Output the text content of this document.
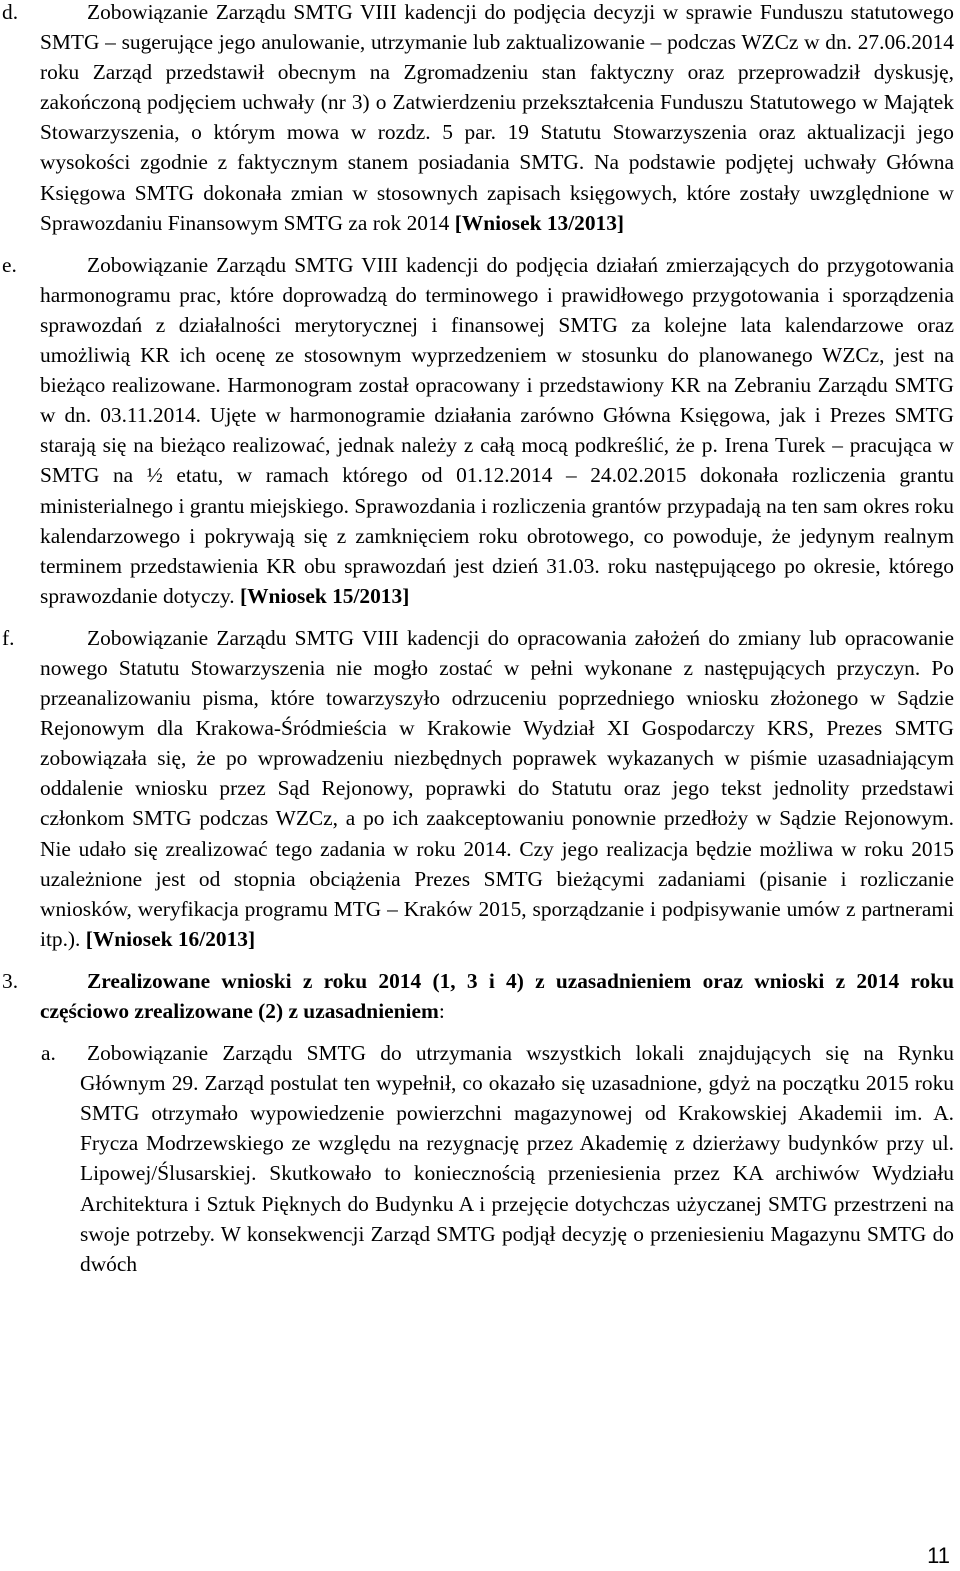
d.	Zobowiązanie Zarządu SMTG VIII kadencji do podjęcia decyzji w sprawie Funduszu statutowego SMTG – sugerujące jego anulowanie, utrzymanie lub zaktualizowanie – podczas WZCz w dn. 27.06.2014 roku Zarząd przedstawił obecnym na Zgromadzeniu stan faktyczny oraz przeprowadził dyskusję, zakończoną podjęciem uchwały (nr 3) o Zatwierdzeniu przekształcenia Funduszu Statutowego w Majątek Stowarzyszenia, o którym mowa w rozdz. 5 par. 19 Statutu Stowarzyszenia oraz aktualizacji jego wysokości zgodnie z faktycznym stanem posiadania SMTG. Na podstawie podjętej uchwały Główna Księgowa SMTG dokonała zmian w stosownych zapisach księgowych, które zostały uwzględnione w Sprawozdaniu Finansowym SMTG za rok 2014 [Wniosek 13/2013]
e.	Zobowiązanie Zarządu SMTG VIII kadencji do podjęcia działań zmierzających do przygotowania harmonogramu prac, które doprowadzą do terminowego i prawidłowego przygotowania i sporządzenia sprawozdań z działalności merytorycznej i finansowej SMTG za kolejne lata kalendarzowe oraz umożliwią KR ich ocenę ze stosownym wyprzedzeniem w stosunku do planowanego WZCz, jest na bieżąco realizowane. Harmonogram został opracowany i przedstawiony KR na Zebraniu Zarządu SMTG w dn. 03.11.2014. Ujęte w harmonogramie działania zarówno Główna Księgowa, jak i Prezes SMTG starają się na bieżąco realizować, jednak należy z całą mocą podkreślić, że p. Irena Turek – pracująca w SMTG na ½ etatu, w ramach którego od 01.12.2014 – 24.02.2015 dokonała rozliczenia grantu ministerialnego i grantu miejskiego. Sprawozdania i rozliczenia grantów przypadają na ten sam okres roku kalendarzowego i pokrywają się z zamknięciem roku obrotowego, co powoduje, że jedynym realnym terminem przedstawienia KR obu sprawozdań jest dzień 31.03. roku następującego po okresie, którego sprawozdanie dotyczy. [Wniosek 15/2013]
f.	Zobowiązanie Zarządu SMTG VIII kadencji do opracowania założeń do zmiany lub opracowanie nowego Statutu Stowarzyszenia nie mogło zostać w pełni wykonane z następujących przyczyn. Po przeanalizowaniu pisma, które towarzyszyło odrzuceniu poprzedniego wniosku złożonego w Sądzie Rejonowym dla Krakowa-Śródmieścia w Krakowie Wydział XI Gospodarczy KRS, Prezes SMTG zobowiązała się, że po wprowadzeniu niezbędnych poprawek wykazanych w piśmie uzasadniającym oddalenie wniosku przez Sąd Rejonowy, poprawki do Statutu oraz jego tekst jednolity przedstawi członkom SMTG podczas WZCz, a po ich zaakceptowaniu ponownie przedłoży w Sądzie Rejonowym. Nie udało się zrealizować tego zadania w roku 2014. Czy jego realizacja będzie możliwa w roku 2015 uzależnione jest od stopnia obciążenia Prezes SMTG bieżącymi zadaniami (pisanie i rozliczanie wniosków, weryfikacja programu MTG – Kraków 2015, sporządzanie i podpisywanie umów z partnerami itp.). [Wniosek 16/2013]
3.	Zrealizowane wnioski z roku 2014 (1, 3 i 4) z uzasadnieniem oraz wnioski z 2014 roku częściowo zrealizowane (2) z uzasadnieniem:
a.	Zobowiązanie Zarządu SMTG do utrzymania wszystkich lokali znajdujących się na Rynku Głównym 29. Zarząd postulat ten wypełnił, co okazało się uzasadnione, gdyż na początku 2015 roku SMTG otrzymało wypowiedzenie powierzchni magazynowej od Krakowskiej Akademii im. A. Frycza Modrzewskiego ze względu na rezygnację przez Akademię z dzierżawy budynków przy ul. Lipowej/Ślusarskiej. Skutkowało to koniecznością przeniesienia przez KA archiwów Wydziału Architektura i Sztuk Pięknych do Budynku A i przejęcie dotychczas użyczanej SMTG przestrzeni na swoje potrzeby. W konsekwencji Zarząd SMTG podjął decyzję o przeniesieniu Magazynu SMTG do dwóch
11
